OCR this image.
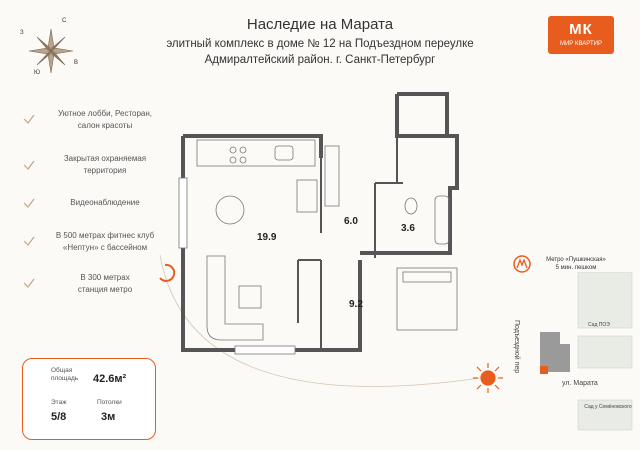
Наследие на Марата
элитный комплекс в доме № 12 на Подъездном переулке
Адмиралтейский район. г. Санкт-Петербург
МК
МИР КВАРТИР
С
Ю
В
З
Уютное лобби, Ресторан,
салон красоты
Закрытая охраняемая
территория
Видеонаблюдение
В 500 метрах фитнес клуб
«Нептун» с бассейном
В 300 метрах
станция метро
19.9
6.0
3.6
9.2
Общая площадь	42.6м²
Этаж
5/8
Потолки
3м
Метро «Пушкинская»
5 мин. пешком
Подъездной пер
ул. Марата
Сад ПОЭ
Сад у Семёновского
